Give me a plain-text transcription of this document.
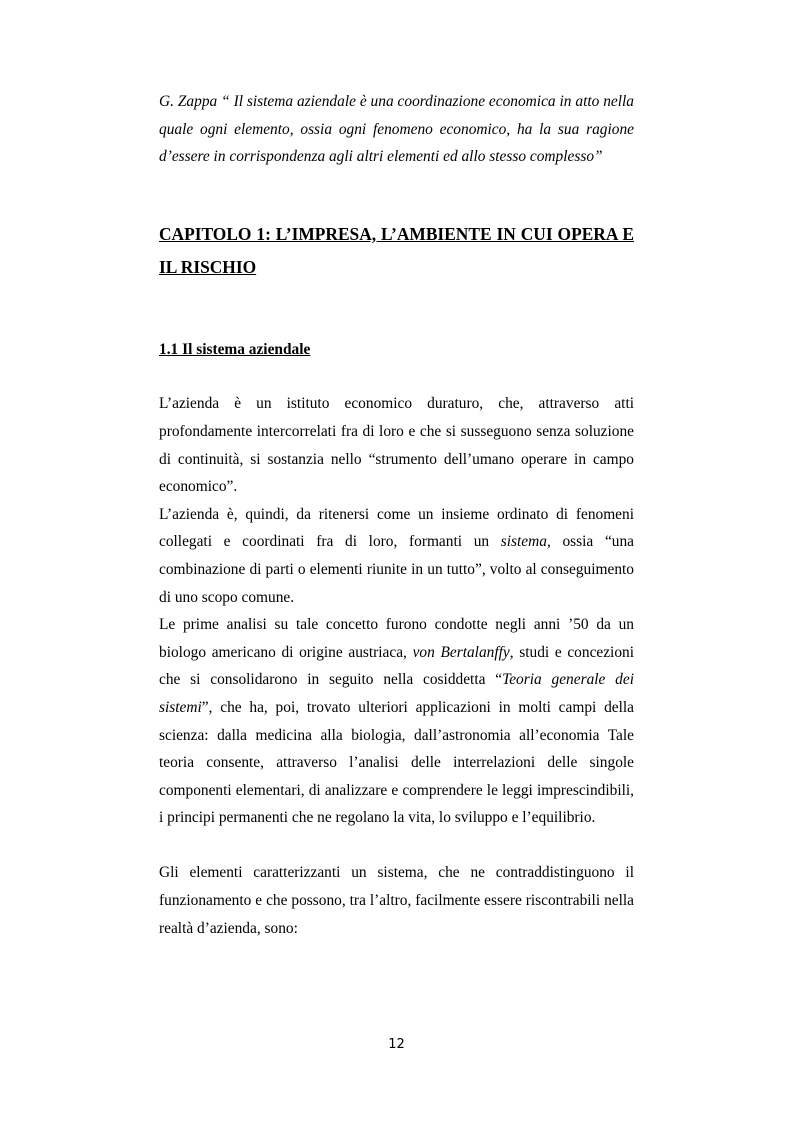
G. Zappa “ Il sistema aziendale è una coordinazione economica in atto nella quale ogni elemento, ossia ogni fenomeno economico, ha la sua ragione d’essere in corrispondenza agli altri elementi ed allo stesso complesso”

CAPITOLO 1: L’IMPRESA, L’AMBIENTE IN CUI OPERA E IL RISCHIO
1.1 Il sistema aziendale

L’azienda è un istituto economico duraturo, che, attraverso atti profondamente intercorrelati fra di loro e che si susseguono senza soluzione di continuità, si sostanzia nello “strumento dell’umano operare in campo economico”.

L’azienda è, quindi, da ritenersi come un insieme ordinato di fenomeni collegati e coordinati fra di loro, formanti un sistema, ossia “una combinazione di parti o elementi riunite in un tutto”, volto al conseguimento di uno scopo comune.

Le prime analisi su tale concetto furono condotte negli anni ’50 da un biologo americano di origine austriaca, von Bertalanffy, studi e concezioni che si consolidarono in seguito nella cosiddetta “Teoria generale dei sistemi”, che ha, poi, trovato ulteriori applicazioni in molti campi della scienza: dalla medicina alla biologia, dall’astronomia all’economia Tale teoria consente, attraverso l’analisi delle interrelazioni delle singole componenti elementari, di analizzare e comprendere le leggi imprescindibili, i principi permanenti che ne regolano la vita, lo sviluppo e l’equilibrio.

Gli elementi caratterizzanti un sistema, che ne contraddistinguono il funzionamento e che possono, tra l’altro, facilmente essere riscontrabili nella realtà d’azienda, sono:

12
